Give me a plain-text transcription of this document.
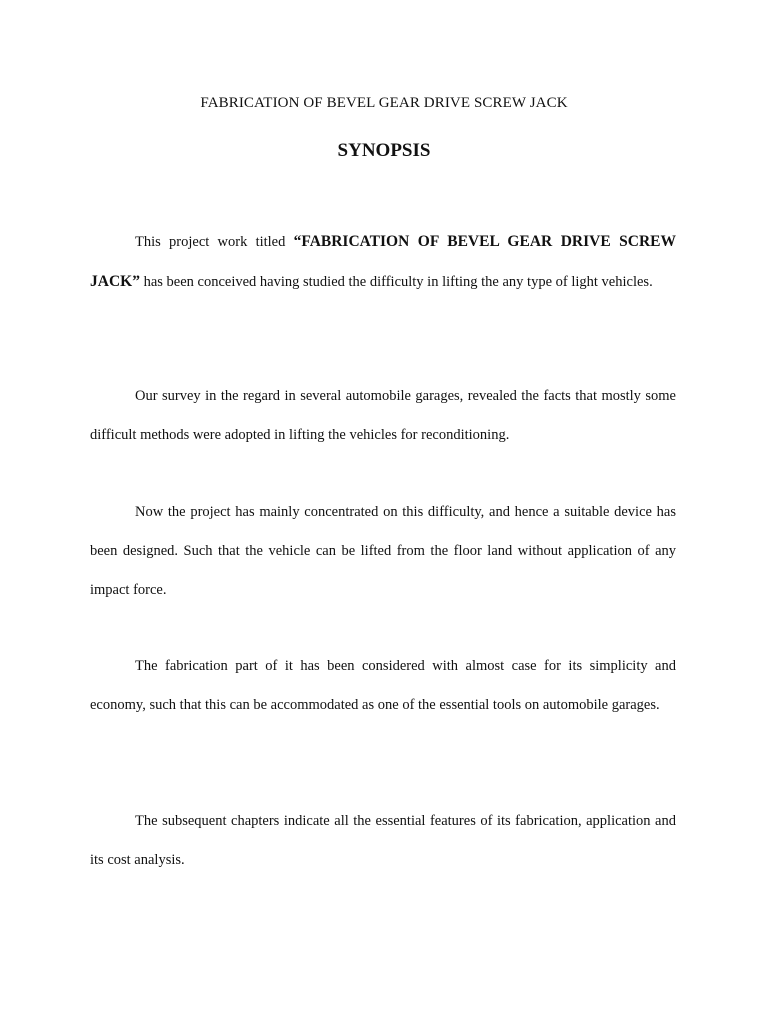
FABRICATION OF BEVEL GEAR DRIVE SCREW JACK
SYNOPSIS

This project work titled “FABRICATION OF BEVEL GEAR DRIVE SCREW JACK” has been conceived having studied the difficulty in lifting the any type of light vehicles.

Our survey in the regard in several automobile garages, revealed the facts that mostly some difficult methods were adopted in lifting the vehicles for reconditioning.

Now the project has mainly concentrated on this difficulty, and hence a suitable device has been designed. Such that the vehicle can be lifted from the floor land without application of any impact force.

The fabrication part of it has been considered with almost case for its simplicity and economy, such that this can be accommodated as one of the essential tools on automobile garages.

The subsequent chapters indicate all the essential features of its fabrication, application and its cost analysis.
